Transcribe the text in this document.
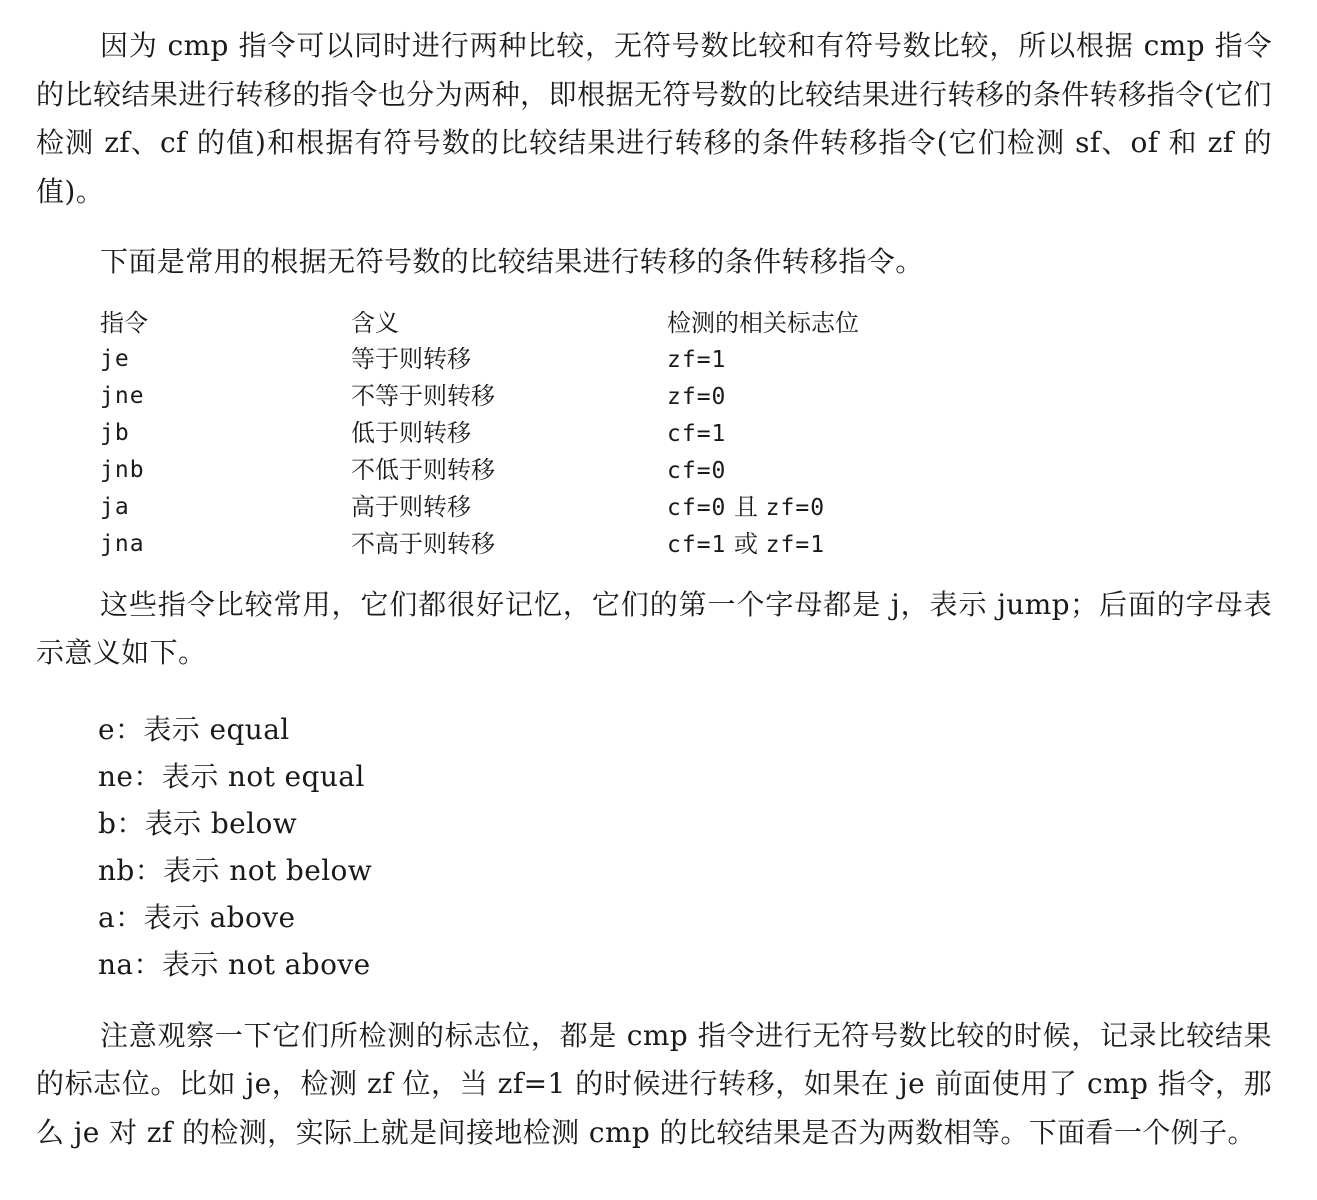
因为 cmp 指令可以同时进行两种比较，无符号数比较和有符号数比较，所以根据 cmp 指令的比较结果进行转移的指令也分为两种，即根据无符号数的比较结果进行转移的条件转移指令(它们检测 zf、cf 的值)和根据有符号数的比较结果进行转移的条件转移指令(它们检测 sf、of 和 zf 的值)。

下面是常用的根据无符号数的比较结果进行转移的条件转移指令。

指令	含义	检测的相关标志位
je	等于则转移	zf=1
jne	不等于则转移	zf=0
jb	低于则转移	cf=1
jnb	不低于则转移	cf=0
ja	高于则转移	cf=0 且 zf=0
jna	不高于则转移	cf=1 或 zf=1

这些指令比较常用，它们都很好记忆，它们的第一个字母都是 j，表示 jump；后面的字母表示意义如下。

e：表示 equal
ne：表示 not equal
b：表示 below
nb：表示 not below
a：表示 above
na：表示 not above

注意观察一下它们所检测的标志位，都是 cmp 指令进行无符号数比较的时候，记录比较结果的标志位。比如 je，检测 zf 位，当 zf=1 的时候进行转移，如果在 je 前面使用了 cmp 指令，那么 je 对 zf 的检测，实际上就是间接地检测 cmp 的比较结果是否为两数相等。下面看一个例子。
